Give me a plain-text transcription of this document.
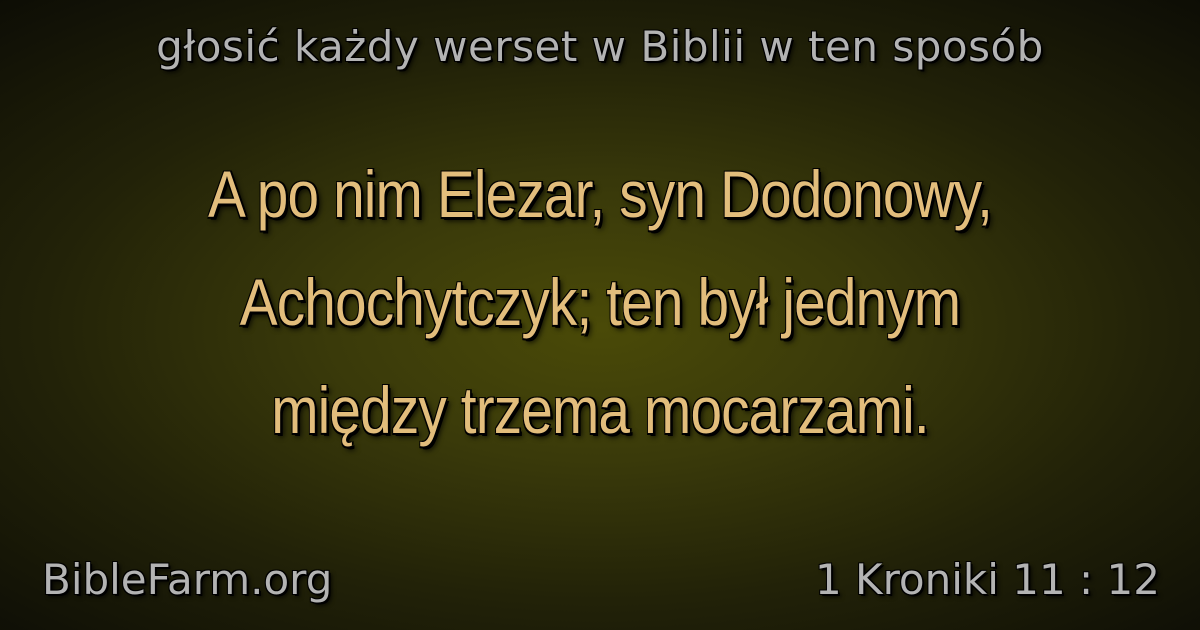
głosić każdy werset w Biblii w ten sposób
A po nim Elezar, syn Dodonowy,
Achochytczyk; ten był jednym
między trzema mocarzami.
BibleFarm.org	1 Kroniki 11 : 12
